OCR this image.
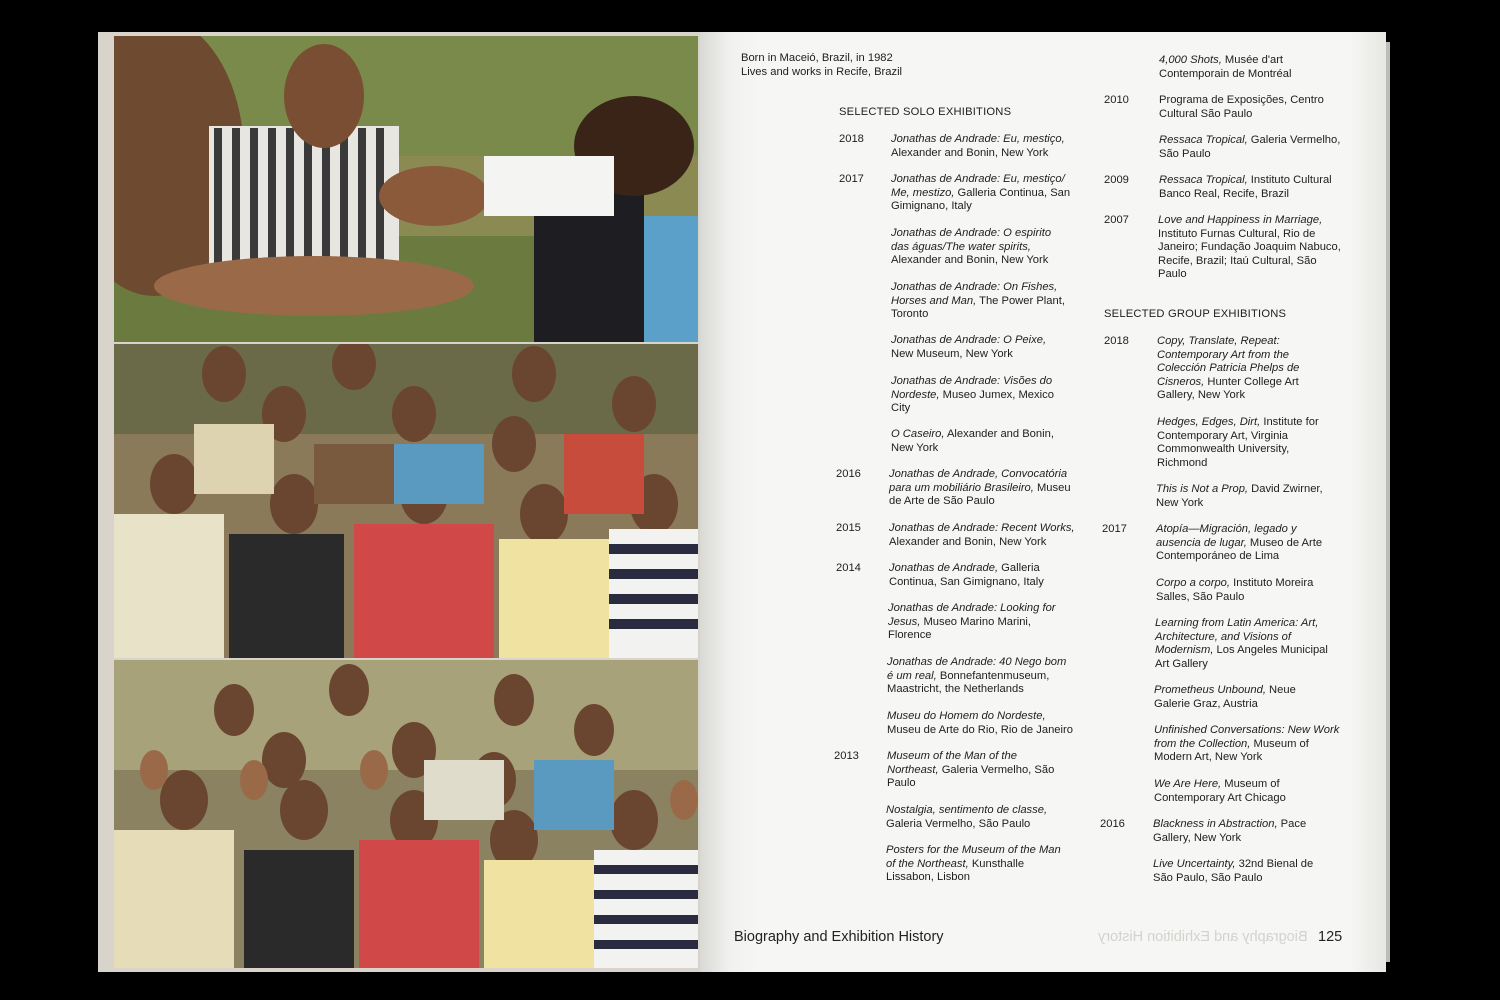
Born in Maceió, Brazil, in 1982
Lives and works in Recife, Brazil
SELECTED SOLO EXHIBITIONS
SELECTED GROUP EXHIBITIONS
2018 Jonathas de Andrade: Eu, mestiço, Alexander and Bonin, New York
2017 Jonathas de Andrade: Eu, mestiço/ Me, mestizo, Galleria Continua, San Gimignano, Italy
Jonathas de Andrade: O espirito das águas/The water spirits, Alexander and Bonin, New York
Jonathas de Andrade: On Fishes, Horses and Man, The Power Plant, Toronto
Jonathas de Andrade: O Peixe, New Museum, New York
Jonathas de Andrade: Visões do Nordeste, Museo Jumex, Mexico City
O Caseiro, Alexander and Bonin, New York
2016	Jonathas de Andrade, Convocatória para um mobiliário Brasileiro, Museu de Arte de São Paulo
2015	Jonathas de Andrade: Recent Works, Alexander and Bonin, New York
2014	Jonathas de Andrade, Galleria Continua, San Gimignano, Italy
Jonathas de Andrade: Looking for Jesus, Museo Marino Marini, Florence
Jonathas de Andrade: 40 Nego bom é um real, Bonnefantenmuseum, Maastricht, the Netherlands
Museu do Homem do Nordeste, Museu de Arte do Rio, Rio de Janeiro
2013	Museum of the Man of the Northeast, Galeria Vermelho, São Paulo
Nostalgia, sentimento de classe, Galeria Vermelho, São Paulo
Posters for the Museum of the Man of the Northeast, Kunsthalle Lissabon, Lisbon
4,000 Shots, Musée d'art Contemporain de Montréal
2010	Programa de Exposições, Centro Cultural São Paulo
Ressaca Tropical, Galeria Vermelho, São Paulo
2009	Ressaca Tropical, Instituto Cultural Banco Real, Recife, Brazil
2007	Love and Happiness in Marriage, Instituto Furnas Cultural, Rio de Janeiro; Fundação Joaquim Nabuco, Recife, Brazil; Itaú Cultural, São Paulo
2018	Copy, Translate, Repeat: Contemporary Art from the Colección Patricia Phelps de Cisneros, Hunter College Art Gallery, New York
Hedges, Edges, Dirt, Institute for Contemporary Art, Virginia Commonwealth University, Richmond
This is Not a Prop, David Zwirner, New York
2017	Atopía—Migración, legado y ausencia de lugar, Museo de Arte Contemporáneo de Lima
Corpo a corpo, Instituto Moreira Salles, São Paulo
Learning from Latin America: Art, Architecture, and Visions of Modernism, Los Angeles Municipal Art Gallery
Prometheus Unbound, Neue Galerie Graz, Austria
Unfinished Conversations: New Work from the Collection, Museum of Modern Art, New York
We Are Here, Museum of Contemporary Art Chicago
2016	Blackness in Abstraction, Pace Gallery, New York
Live Uncertainty, 32nd Bienal de São Paulo, São Paulo
Biography and Exhibition History
Biography and Exhibition History	125
